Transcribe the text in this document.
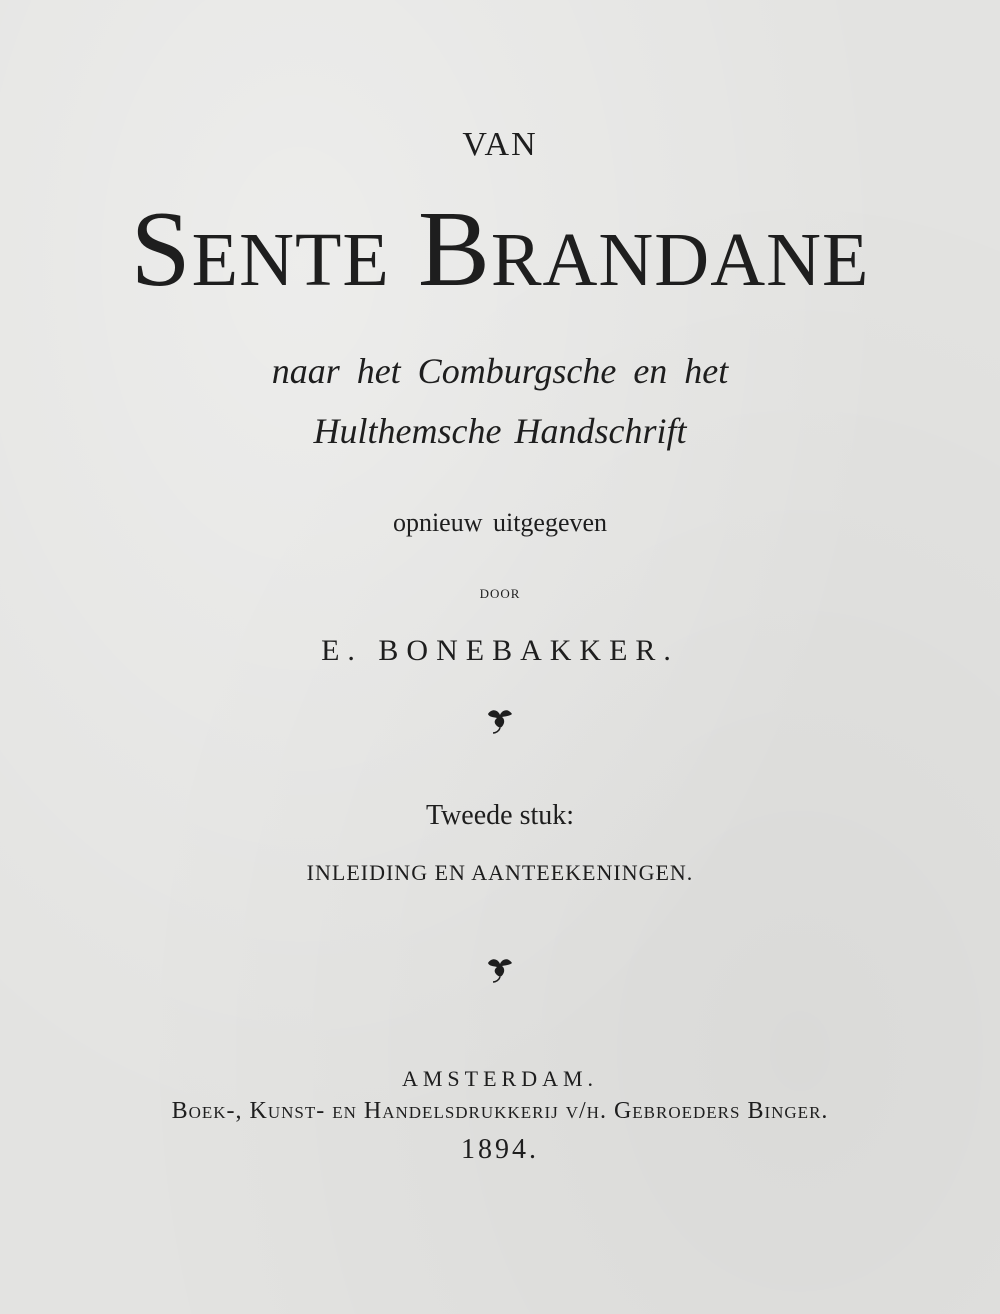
VAN
Sente Brandane
naar het Comburgsche en het
Hulthemsche Handschrift
opnieuw uitgegeven
DOOR
E. BONEBAKKER.
Tweede stuk:
INLEIDING EN AANTEEKENINGEN.
AMSTERDAM.
Boek-, Kunst- en Handelsdrukkerij v/h. Gebroeders Binger.
1894.
